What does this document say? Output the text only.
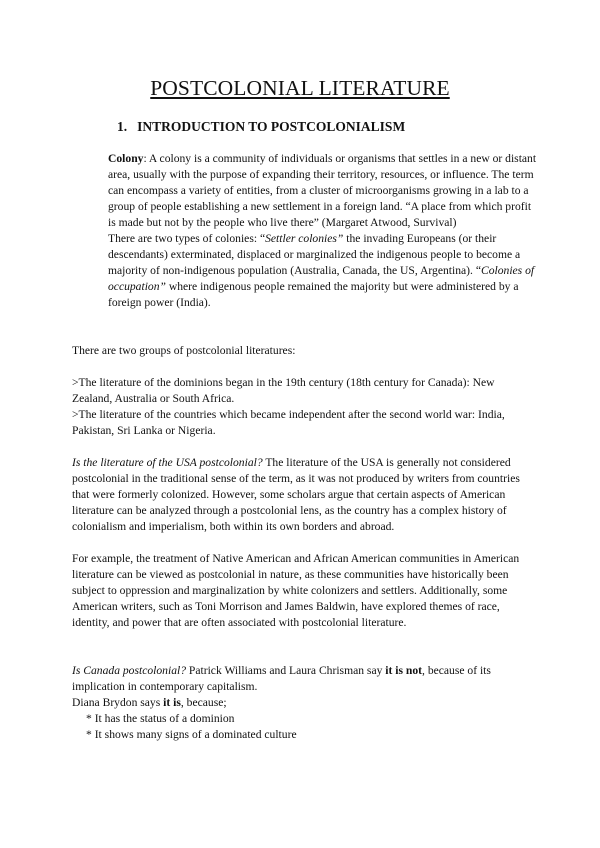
POSTCOLONIAL LITERATURE
1. INTRODUCTION TO POSTCOLONIALISM

Colony: A colony is a community of individuals or organisms that settles in a new or distant area, usually with the purpose of expanding their territory, resources, or influence. The term can encompass a variety of entities, from a cluster of microorganisms growing in a lab to a group of people establishing a new settlement in a foreign land. “A place from which profit is made but not by the people who live there” (Margaret Atwood, Survival)

There are two types of colonies: “Settler colonies” the invading Europeans (or their descendants) exterminated, displaced or marginalized the indigenous people to become a majority of non-indigenous population (Australia, Canada, the US, Argentina). “Colonies of occupation” where indigenous people remained the majority but were administered by a foreign power (India).

There are two groups of postcolonial literatures:

>The literature of the dominions began in the 19th century (18th century for Canada): New Zealand, Australia or South Africa.

>The literature of the countries which became independent after the second world war: India, Pakistan, Sri Lanka or Nigeria.

Is the literature of the USA postcolonial? The literature of the USA is generally not considered postcolonial in the traditional sense of the term, as it was not produced by writers from countries that were formerly colonized. However, some scholars argue that certain aspects of American literature can be analyzed through a postcolonial lens, as the country has a complex history of colonialism and imperialism, both within its own borders and abroad.
For example, the treatment of Native American and African American communities in American literature can be viewed as postcolonial in nature, as these communities have historically been subject to oppression and marginalization by white colonizers and settlers. Additionally, some American writers, such as Toni Morrison and James Baldwin, have explored themes of race, identity, and power that are often associated with postcolonial literature.

Is Canada postcolonial? Patrick Williams and Laura Chrisman say it is not, because of its implication in contemporary capitalism.

Diana Brydon says it is, because;

* It has the status of a dominion

* It shows many signs of a dominated culture
